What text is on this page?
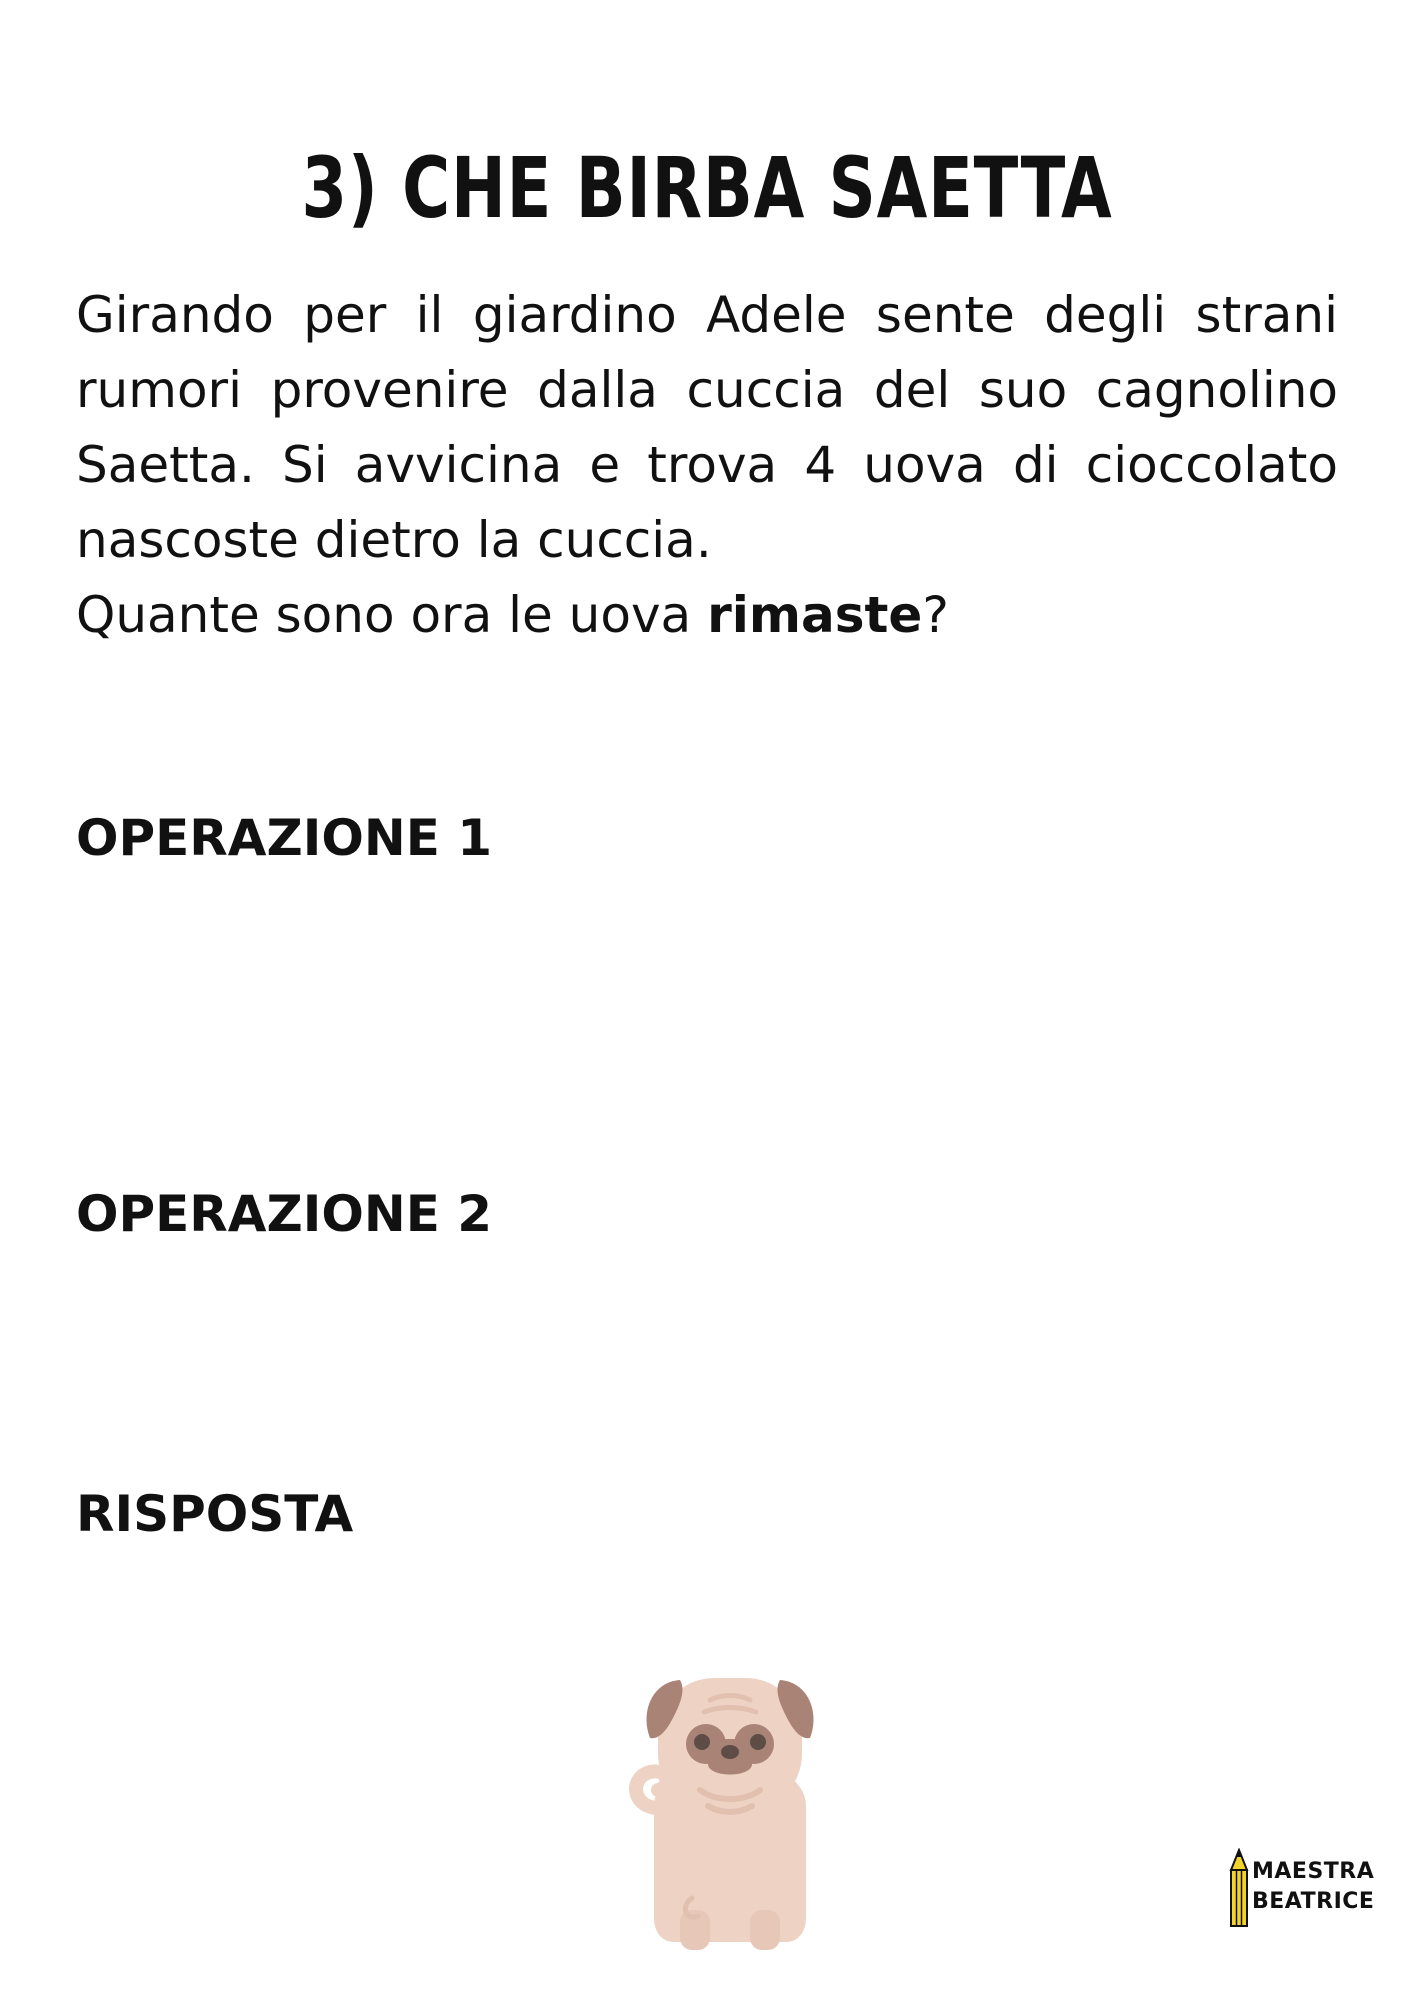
3) CHE BIRBA SAETTA
Girando per il giardino Adele sente degli strani rumori provenire dalla cuccia del suo cagnolino Saetta. Si avvicina e trova 4 uova di cioccolato nascoste dietro la cuccia.
Quante sono ora le uova rimaste?
OPERAZIONE 1
OPERAZIONE 2
RISPOSTA
MAESTRA
BEATRICE
